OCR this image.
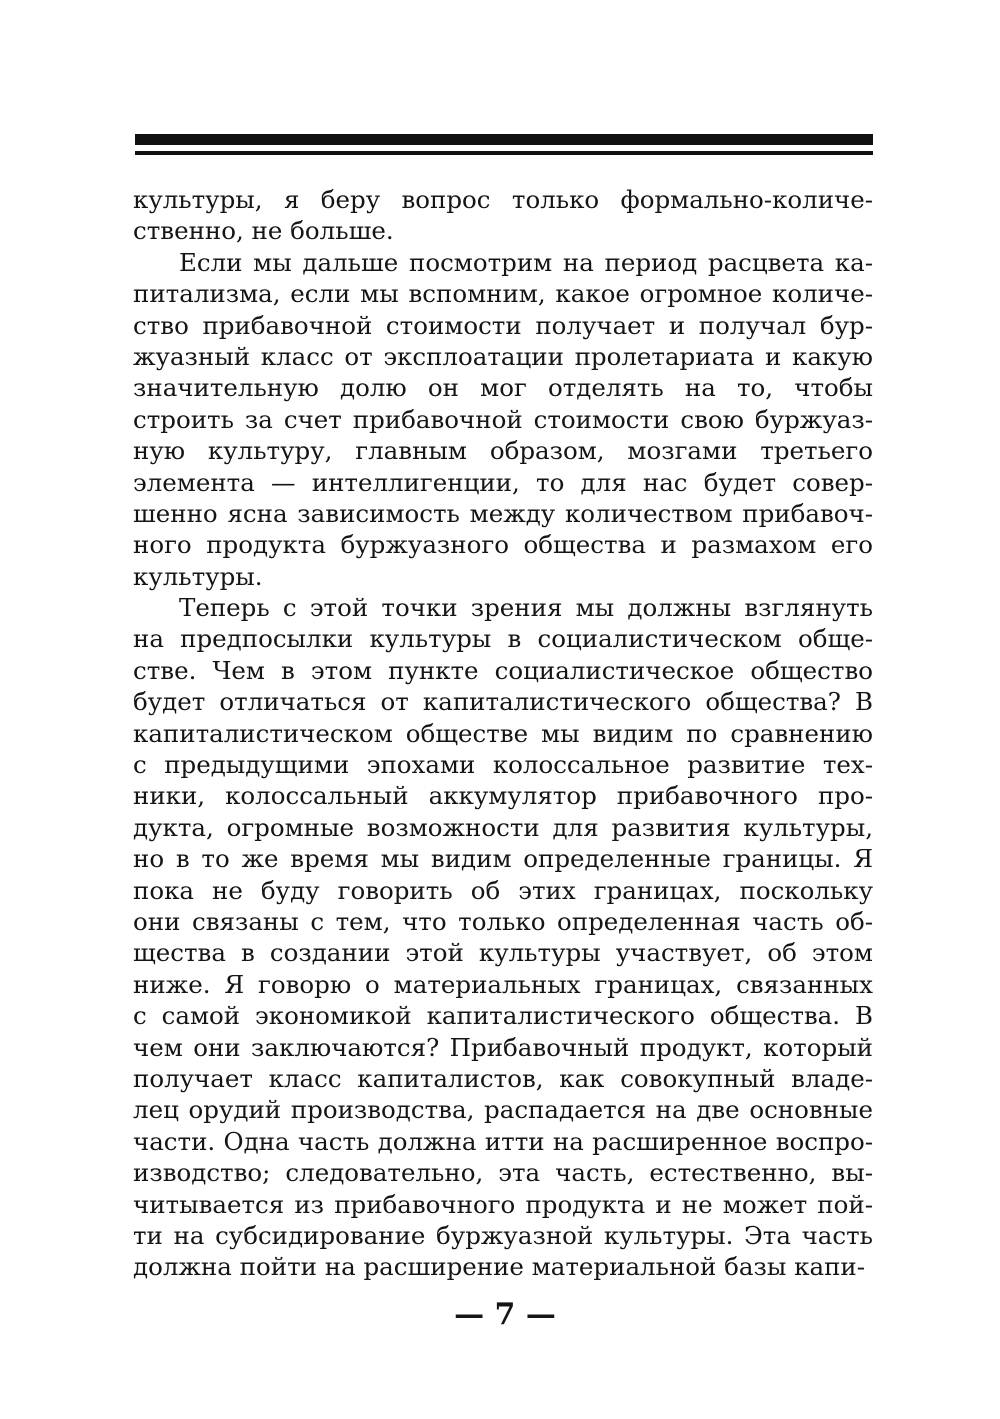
культуры, я беру вопрос только формально-количе-
ственно, не больше.
Если мы дальше посмотрим на период расцвета ка-
питализма, если мы вспомним, какое огромное количе-
ство прибавочной стоимости получает и получал бур-
жуазный класс от эксплоатации пролетариата и какую
значительную долю он мог отделять на то, чтобы
строить за счет прибавочной стоимости свою буржуаз-
ную культуру, главным образом, мозгами третьего
элемента — интеллигенции, то для нас будет совер-
шенно ясна зависимость между количеством прибавоч-
ного продукта буржуазного общества и размахом его
культуры.
Теперь с этой точки зрения мы должны взглянуть
на предпосылки культуры в социалистическом обще-
стве. Чем в этом пункте социалистическое общество
будет отличаться от капиталистического общества? В
капиталистическом обществе мы видим по сравнению
с предыдущими эпохами колоссальное развитие тех-
ники, колоссальный аккумулятор прибавочного про-
дукта, огромные возможности для развития культуры,
но в то же время мы видим определенные границы. Я
пока не буду говорить об этих границах, поскольку
они связаны с тем, что только определенная часть об-
щества в создании этой культуры участвует, об этом
ниже. Я говорю о материальных границах, связанных
с самой экономикой капиталистического общества. В
чем они заключаются? Прибавочный продукт, который
получает класс капиталистов, как совокупный владе-
лец орудий производства, распадается на две основные
части. Одна часть должна итти на расширенное воспро-
изводство; следовательно, эта часть, естественно, вы-
читывается из прибавочного продукта и не может пой-
ти на субсидирование буржуазной культуры. Эта часть
должна пойти на расширение материальной базы капи-
— 7 —
